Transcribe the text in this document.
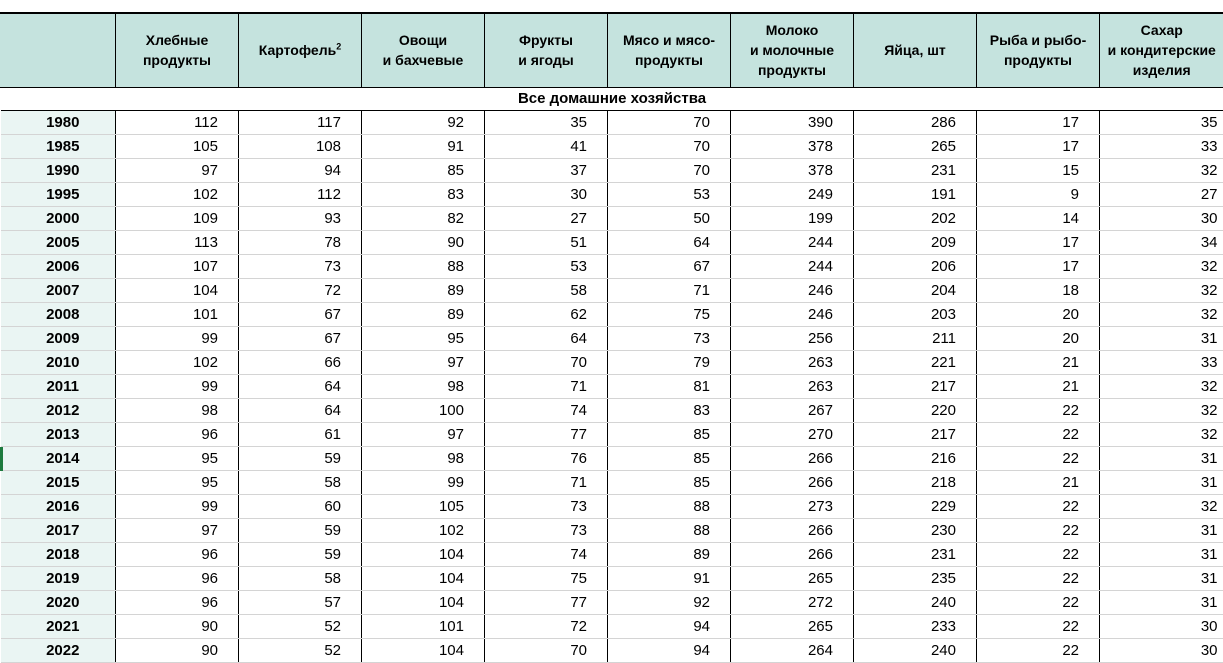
	Хлебные
продукты	Картофель$^2$	Овощи
и бахчевые	Фрукты
и ягоды	Мясо и мясо-
продукты	Молоко
и молочные
продукты	Яйца, шт	Рыба и рыбо-
продукты	Сахар
и кондитерские
изделия
Все домашние хозяйства									
1980	112	117	92	35	70	390	286	17	35
1985	105	108	91	41	70	378	265	17	33
1990	97	94	85	37	70	378	231	15	32
1995	102	112	83	30	53	249	191	9	27
2000	109	93	82	27	50	199	202	14	30
2005	113	78	90	51	64	244	209	17	34
2006	107	73	88	53	67	244	206	17	32
2007	104	72	89	58	71	246	204	18	32
2008	101	67	89	62	75	246	203	20	32
2009	99	67	95	64	73	256	211	20	31
2010	102	66	97	70	79	263	221	21	33
2011	99	64	98	71	81	263	217	21	32
2012	98	64	100	74	83	267	220	22	32
2013	96	61	97	77	85	270	217	22	32
2014	95	59	98	76	85	266	216	22	31
2015	95	58	99	71	85	266	218	21	31
2016	99	60	105	73	88	273	229	22	32
2017	97	59	102	73	88	266	230	22	31
2018	96	59	104	74	89	266	231	22	31
2019	96	58	104	75	91	265	235	22	31
2020	96	57	104	77	92	272	240	22	31
2021	90	52	101	72	94	265	233	22	30
2022	90	52	104	70	94	264	240	22	30
